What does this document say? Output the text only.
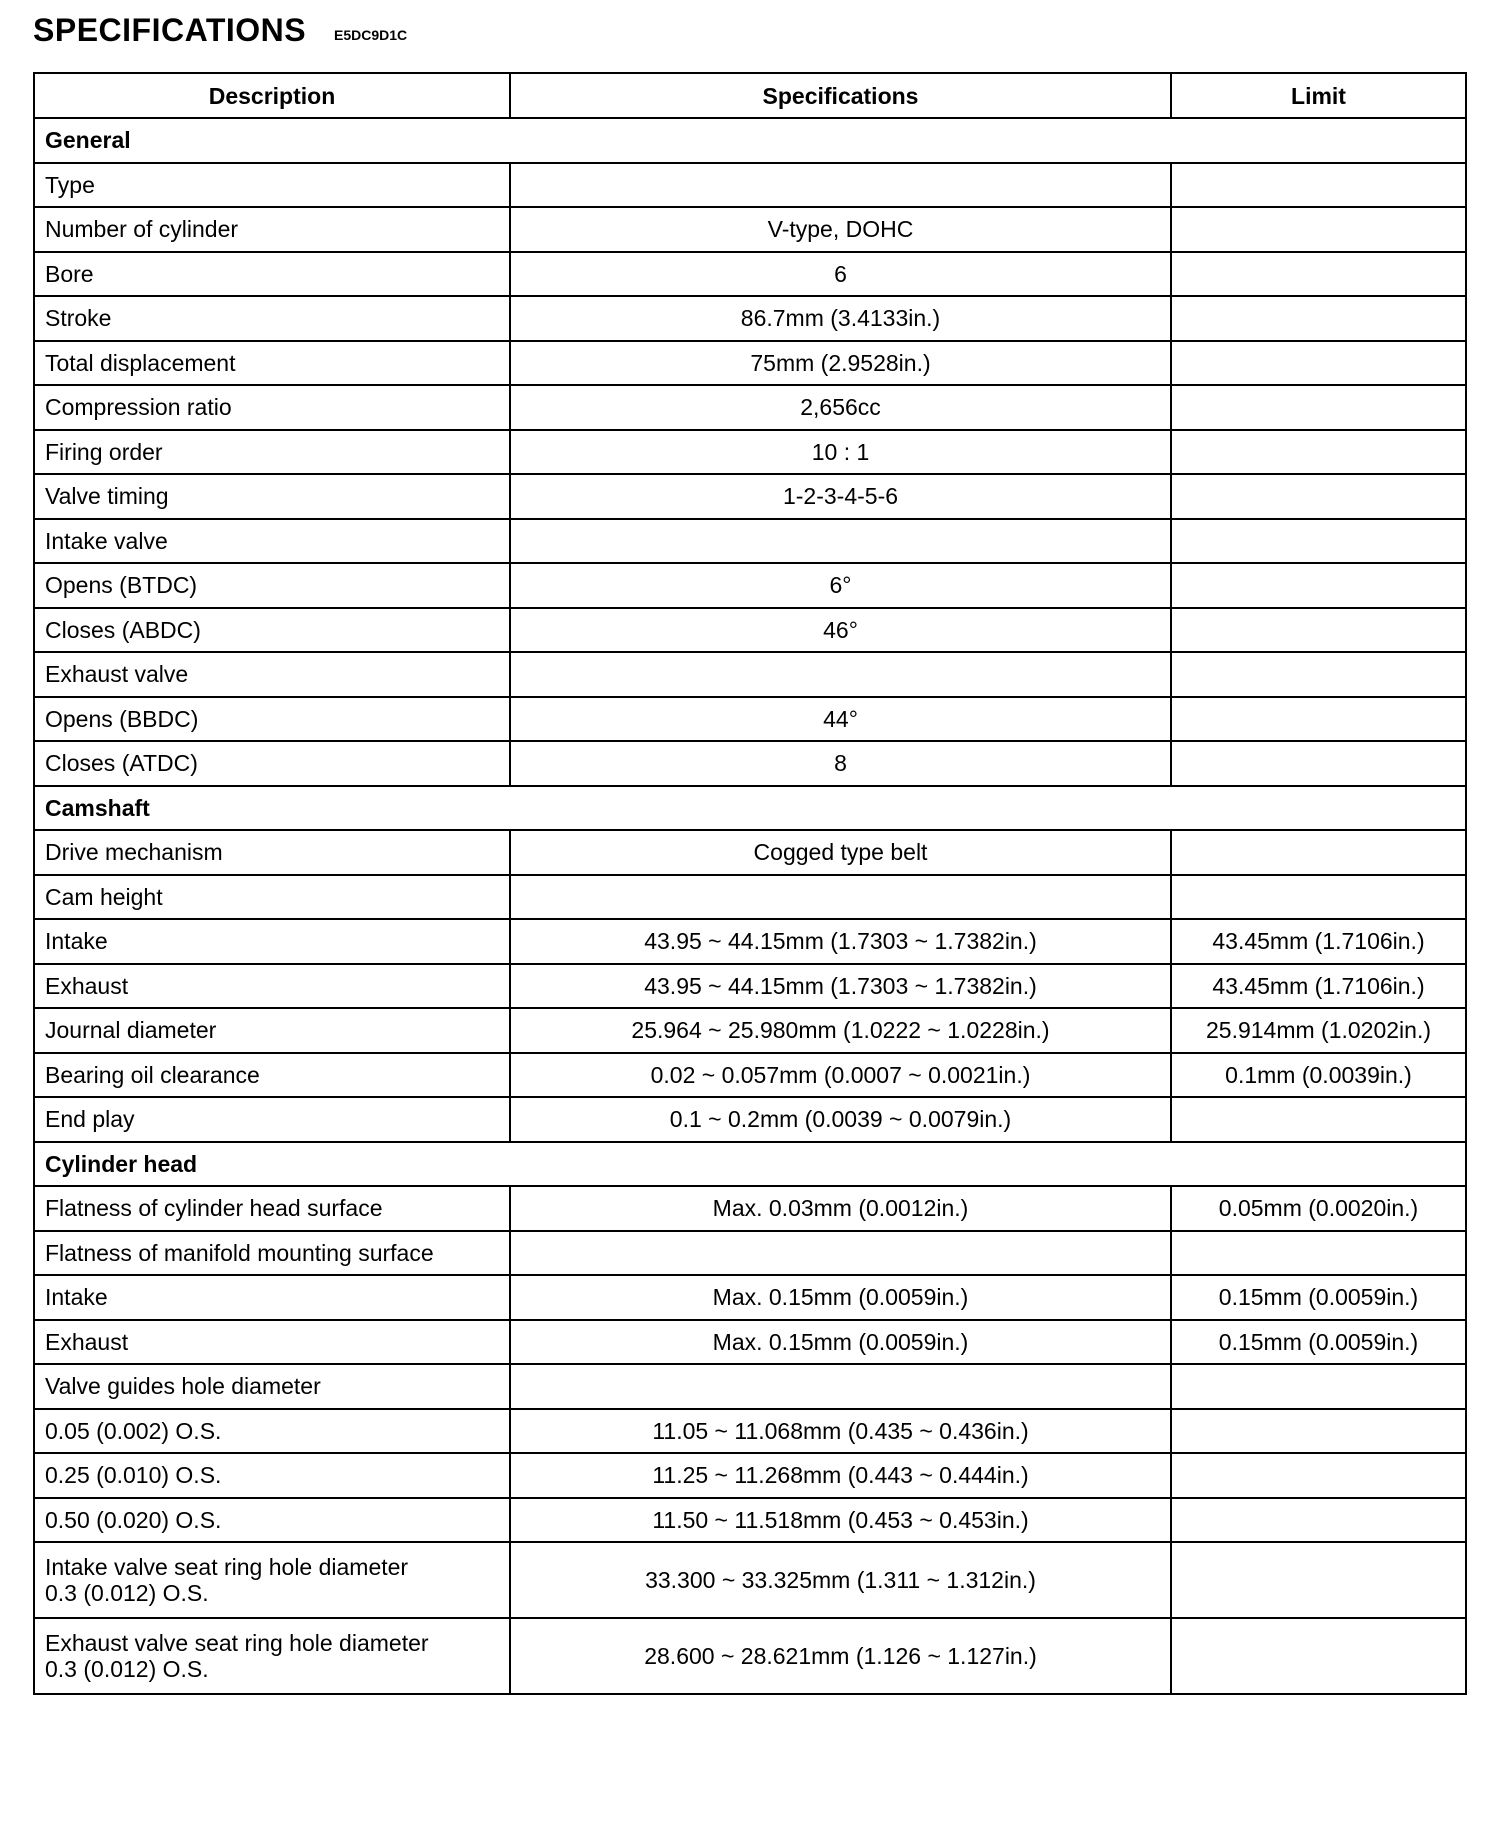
SPECIFICATIONS E5DC9D1C
Description	Specifications	Limit
General		
Type		
Number of cylinder	V-type, DOHC	
Bore	6	
Stroke	86.7mm (3.4133in.)	
Total displacement	75mm (2.9528in.)	
Compression ratio	2,656cc	
Firing order	10 : 1	
Valve timing	1-2-3-4-5-6	
Intake valve		
Opens (BTDC)	6°	
Closes (ABDC)	46°	
Exhaust valve		
Opens (BBDC)	44°	
Closes (ATDC)	8	
Camshaft		
Drive mechanism	Cogged type belt	
Cam height		
Intake	43.95 ~ 44.15mm (1.7303 ~ 1.7382in.)	43.45mm (1.7106in.)
Exhaust	43.95 ~ 44.15mm (1.7303 ~ 1.7382in.)	43.45mm (1.7106in.)
Journal diameter	25.964 ~ 25.980mm (1.0222 ~ 1.0228in.)	25.914mm (1.0202in.)
Bearing oil clearance	0.02 ~ 0.057mm (0.0007 ~ 0.0021in.)	0.1mm (0.0039in.)
End play	0.1 ~ 0.2mm (0.0039 ~ 0.0079in.)	
Cylinder head		
Flatness of cylinder head surface	Max. 0.03mm (0.0012in.)	0.05mm (0.0020in.)
Flatness of manifold mounting surface		
Intake	Max. 0.15mm (0.0059in.)	0.15mm (0.0059in.)
Exhaust	Max. 0.15mm (0.0059in.)	0.15mm (0.0059in.)
Valve guides hole diameter		
0.05 (0.002) O.S.	11.05 ~ 11.068mm (0.435 ~ 0.436in.)	
0.25 (0.010) O.S.	11.25 ~ 11.268mm (0.443 ~ 0.444in.)	
0.50 (0.020) O.S.	11.50 ~ 11.518mm (0.453 ~ 0.453in.)	

Intake valve seat ring hole diameter
0.3 (0.012) O.S.	33.300 ~ 33.325mm (1.311 ~ 1.312in.)	

Exhaust valve seat ring hole diameter
0.3 (0.012) O.S.	28.600 ~ 28.621mm (1.126 ~ 1.127in.)	
